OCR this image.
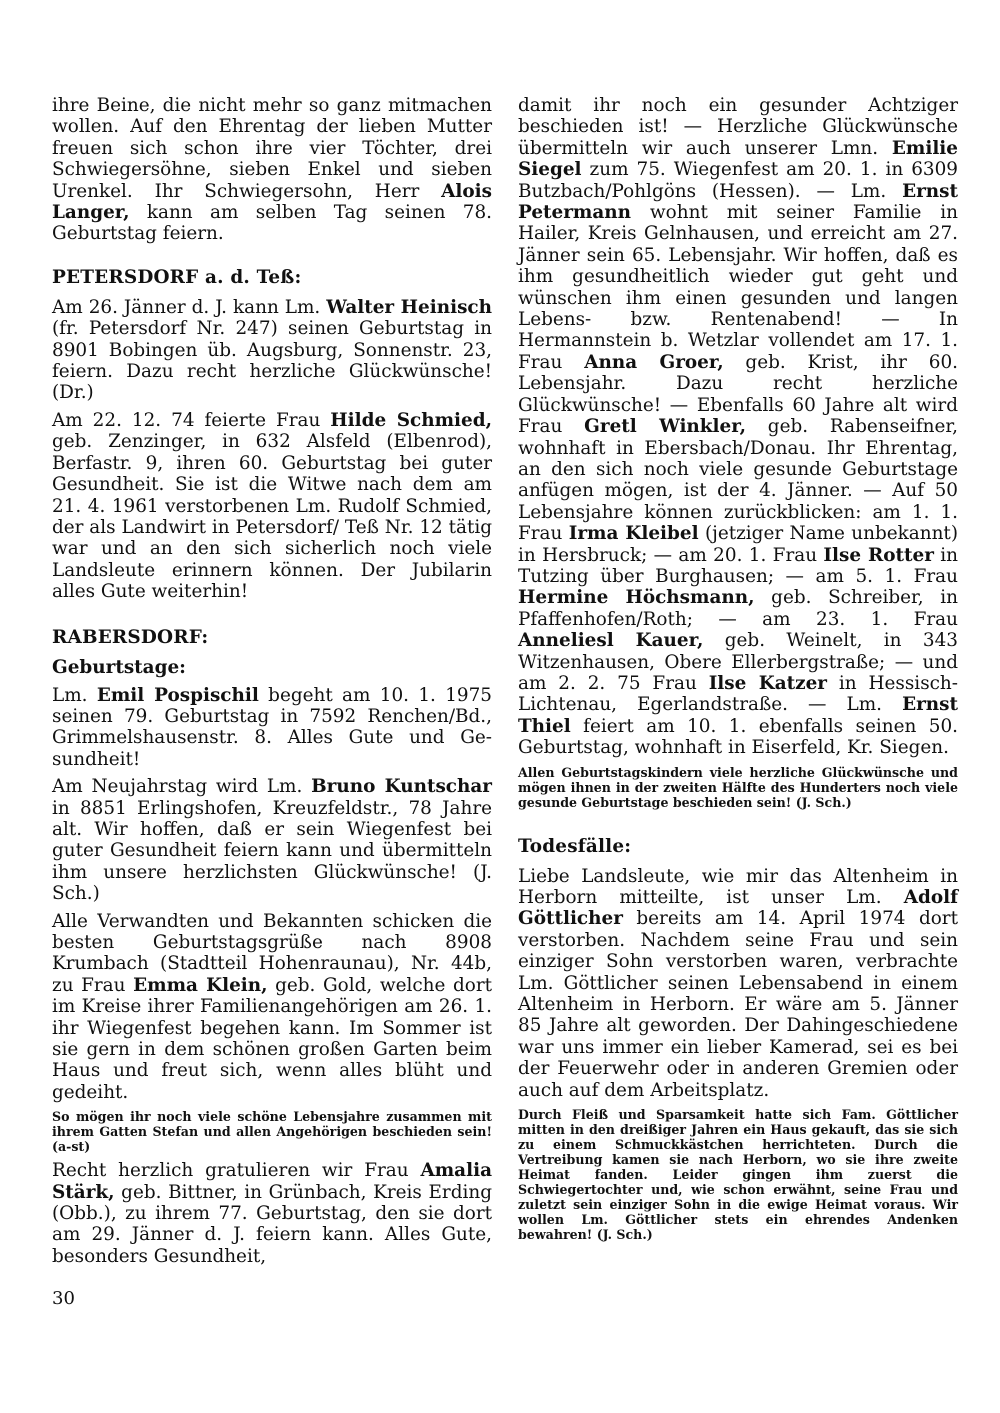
ihre Beine, die nicht mehr so ganz mitmachen wollen. Auf den Ehrentag der lieben Mutter freuen sich schon ihre vier Töchter, drei Schwiegersöhne, sieben Enkel und sieben Urenkel. Ihr Schwiegersohn, Herr Alois Langer, kann am selben Tag seinen 78. Geburtstag feiern.

PETERSDORF a. d. Teß:

Am 26. Jänner d. J. kann Lm. Walter Heinisch (fr. Petersdorf Nr. 247) seinen Geburtstag in 8901 Bobingen üb. Augsburg, Sonnenstr. 23, feiern. Dazu recht herzliche Glückwünsche! (Dr.)

Am 22. 12. 74 feierte Frau Hilde Schmied, geb. Zenzinger, in 632 Alsfeld (Elbenrod), Berfastr. 9, ihren 60. Geburtstag bei guter Gesundheit. Sie ist die Witwe nach dem am 21. 4. 1961 verstorbenen Lm. Rudolf Schmied, der als Landwirt in Petersdorf/ Teß Nr. 12 tätig war und an den sich sicherlich noch viele Landsleute erinnern können. Der Jubilarin alles Gute weiterhin!

RABERSDORF:
Geburtstage:

Lm. Emil Pospischil begeht am 10. 1. 1975 seinen 79. Geburtstag in 7592 Renchen/Bd., Grimmelshausenstr. 8. Alles Gute und Gesundheit!

Am Neujahrstag wird Lm. Bruno Kuntschar in 8851 Erlingshofen, Kreuzfeldstr., 78 Jahre alt. Wir hoffen, daß er sein Wiegenfest bei guter Gesundheit feiern kann und übermitteln ihm unsere herzlichsten Glückwünsche! (J. Sch.)

Alle Verwandten und Bekannten schicken die besten Geburtstagsgrüße nach 8908 Krumbach (Stadtteil Hohenraunau), Nr. 44b, zu Frau Emma Klein, geb. Gold, welche dort im Kreise ihrer Familienangehörigen am 26. 1. ihr Wiegenfest begehen kann. Im Sommer ist sie gern in dem schönen großen Garten beim Haus und freut sich, wenn alles blüht und gedeiht.

So mögen ihr noch viele schöne Lebensjahre zusammen mit ihrem Gatten Stefan und allen Angehörigen beschieden sein! (a-st)

Recht herzlich gratulieren wir Frau Amalia Stärk, geb. Bittner, in Grünbach, Kreis Erding (Obb.), zu ihrem 77. Geburtstag, den sie dort am 29. Jänner d. J. feiern kann. Alles Gute, besonders Gesundheit,

damit ihr noch ein gesunder Achtziger beschieden ist! — Herzliche Glückwünsche übermitteln wir auch unserer Lmn. Emilie Siegel zum 75. Wiegenfest am 20. 1. in 6309 Butzbach/Pohlgöns (Hessen). — Lm. Ernst Petermann wohnt mit seiner Familie in Hailer, Kreis Gelnhausen, und erreicht am 27. Jänner sein 65. Lebensjahr. Wir hoffen, daß es ihm gesundheitlich wieder gut geht und wünschen ihm einen gesunden und langen Lebens- bzw. Rentenabend! — In Hermannstein b. Wetzlar vollendet am 17. 1. Frau Anna Groer, geb. Krist, ihr 60. Lebensjahr. Dazu recht herzliche Glückwünsche! — Ebenfalls 60 Jahre alt wird Frau Gretl Winkler, geb. Rabenseifner, wohnhaft in Ebersbach/Donau. Ihr Ehrentag, an den sich noch viele gesunde Geburtstage anfügen mögen, ist der 4. Jänner. — Auf 50 Lebensjahre können zurückblicken: am 1. 1. Frau Irma Kleibel (jetziger Name unbekannt) in Hersbruck; — am 20. 1. Frau Ilse Rotter in Tutzing über Burghausen; — am 5. 1. Frau Hermine Höchsmann, geb. Schreiber, in Pfaffenhofen/Roth; — am 23. 1. Frau Anneliesl Kauer, geb. Weinelt, in 343 Witzenhausen, Obere Ellerbergstraße; — und am 2. 2. 75 Frau Ilse Katzer in Hessisch-Lichtenau, Egerlandstraße. — Lm. Ernst Thiel feiert am 10. 1. ebenfalls seinen 50. Geburtstag, wohnhaft in Eiserfeld, Kr. Siegen.

Allen Geburtstagskindern viele herzliche Glückwünsche und mögen ihnen in der zweiten Hälfte des Hunderters noch viele gesunde Geburtstage beschieden sein! (J. Sch.)

Todesfälle:

Liebe Landsleute, wie mir das Altenheim in Herborn mitteilte, ist unser Lm. Adolf Göttlicher bereits am 14. April 1974 dort verstorben. Nachdem seine Frau und sein einziger Sohn verstorben waren, verbrachte Lm. Göttlicher seinen Lebensabend in einem Altenheim in Herborn. Er wäre am 5. Jänner 85 Jahre alt geworden. Der Dahingeschiedene war uns immer ein lieber Kamerad, sei es bei der Feuerwehr oder in anderen Gremien oder auch auf dem Arbeitsplatz.

Durch Fleiß und Sparsamkeit hatte sich Fam. Göttlicher mitten in den dreißiger Jahren ein Haus gekauft, das sie sich zu einem Schmuckkästchen herrichteten. Durch die Vertreibung kamen sie nach Herborn, wo sie ihre zweite Heimat fanden. Leider gingen ihm zuerst die Schwiegertochter und, wie schon erwähnt, seine Frau und zuletzt sein einziger Sohn in die ewige Heimat voraus. Wir wollen Lm. Göttlicher stets ein ehrendes Andenken bewahren! (J. Sch.)

30
